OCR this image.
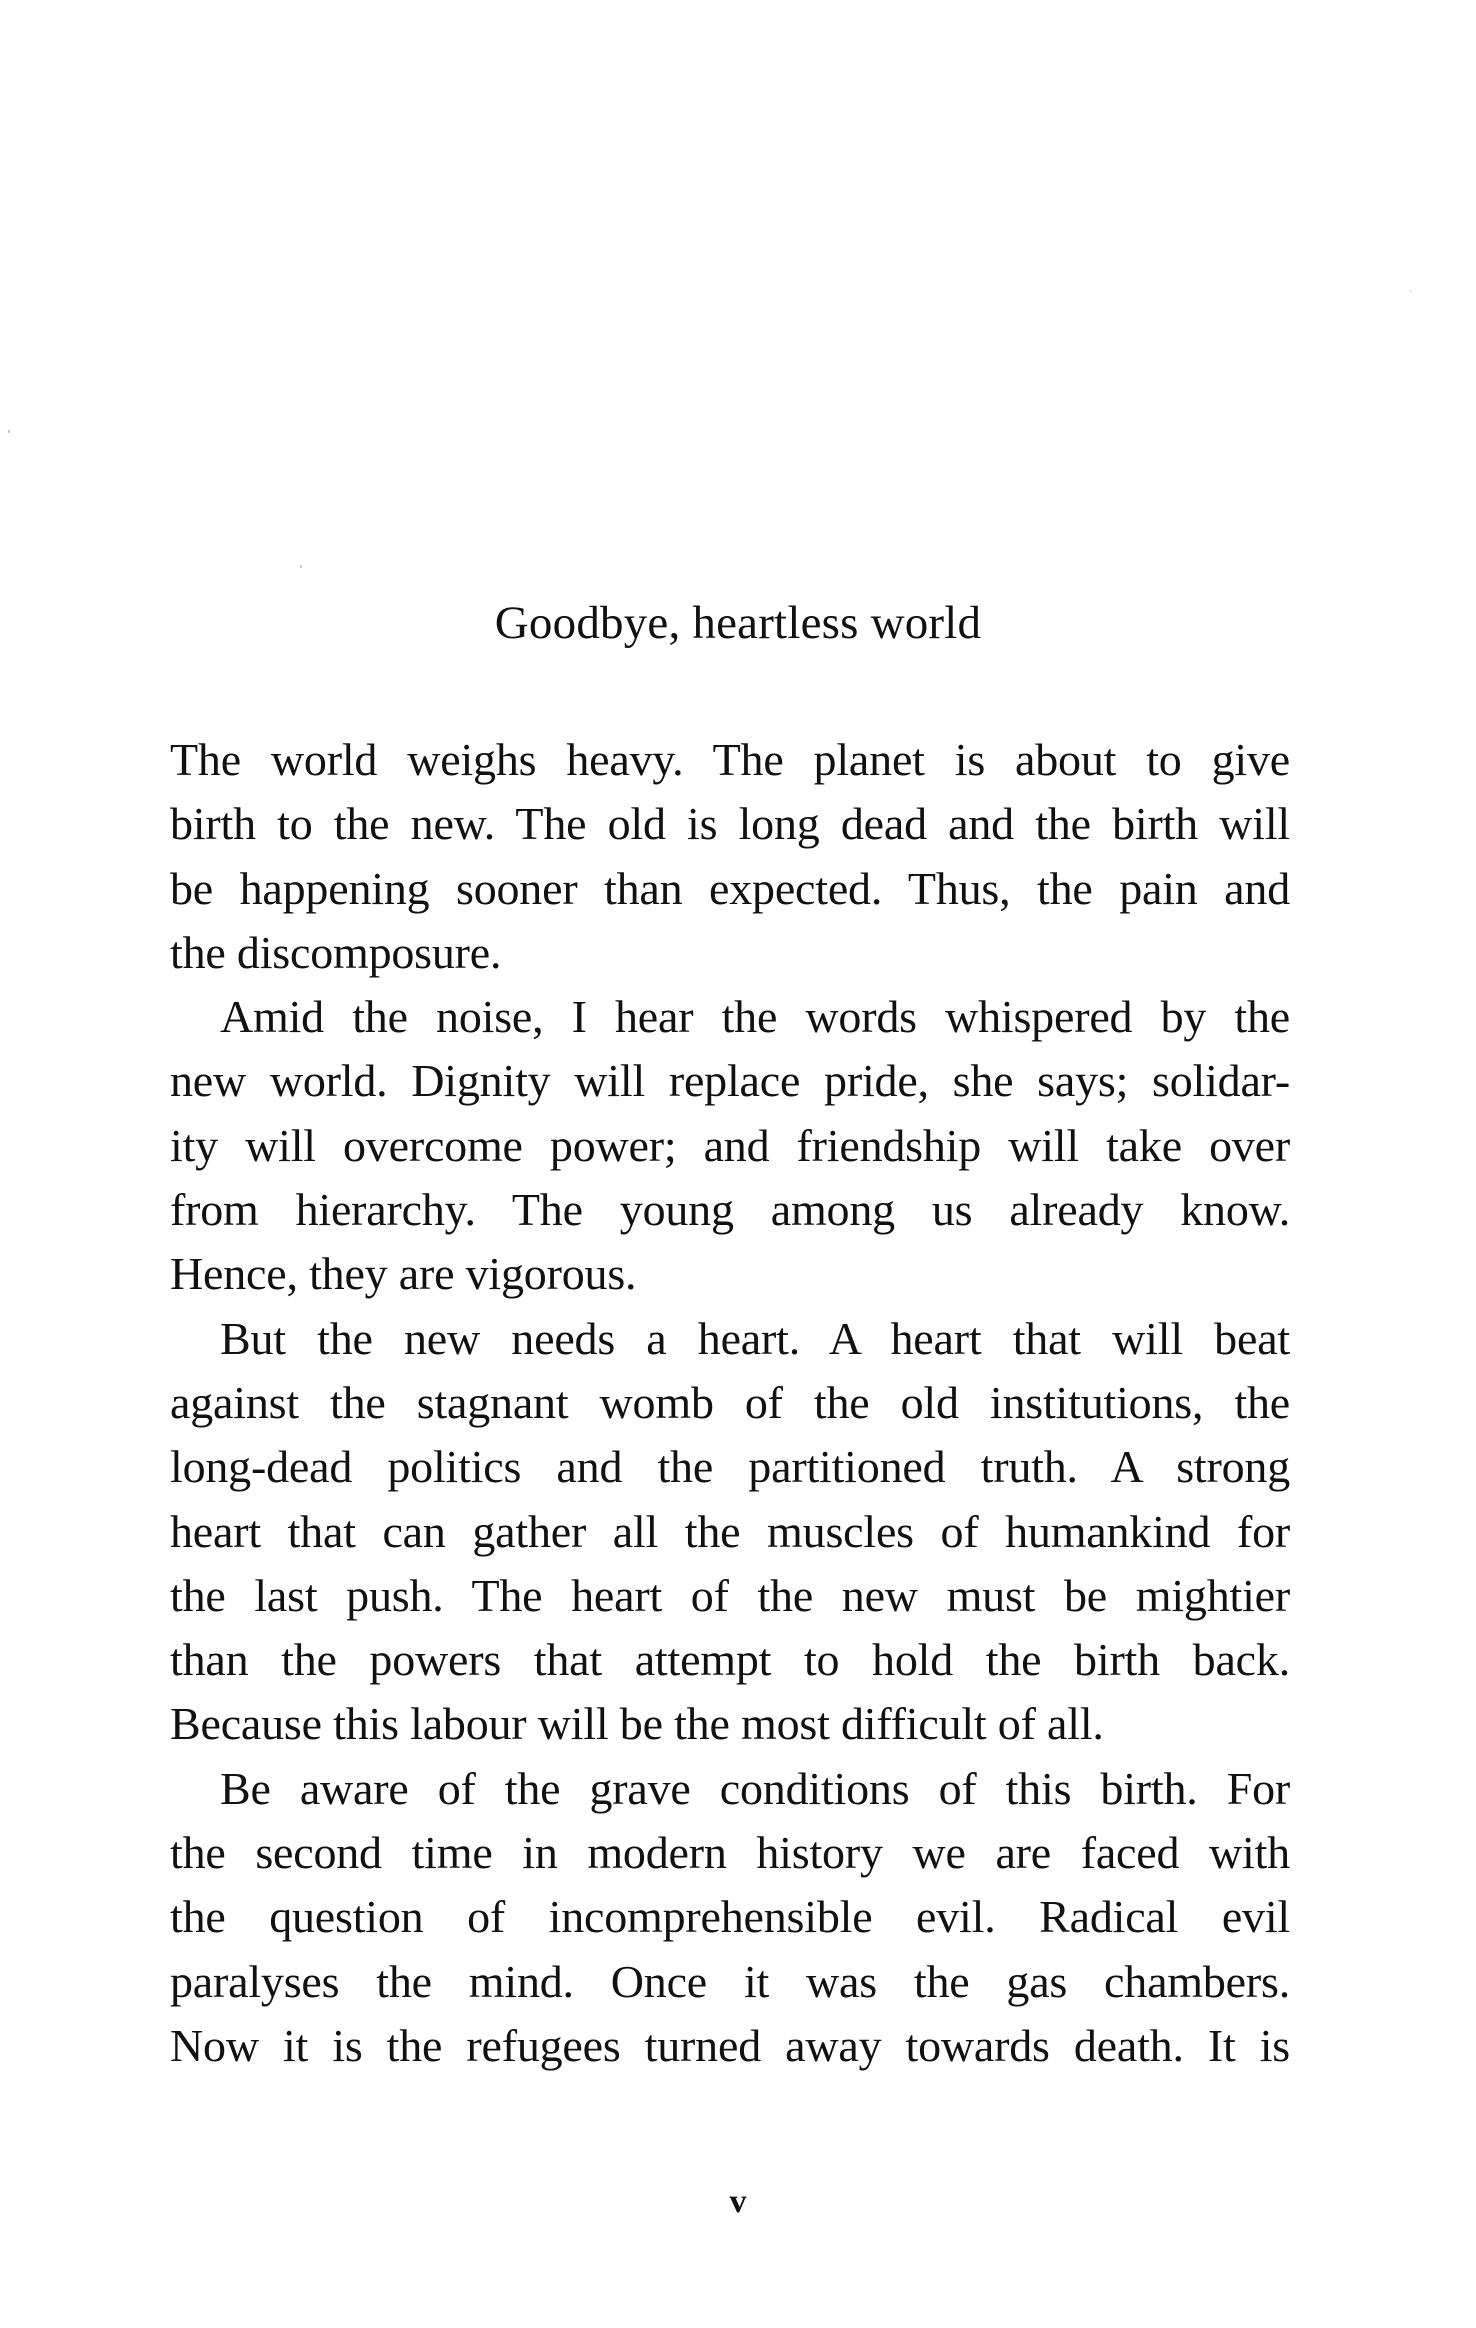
Goodbye, heartless world
The world weighs heavy. The planet is about to give
birth to the new. The old is long dead and the birth will
be happening sooner than expected. Thus, the pain and
the discomposure.
Amid the noise, I hear the words whispered by the
new world. Dignity will replace pride, she says; solidar-
ity will overcome power; and friendship will take over
from hierarchy. The young among us already know.
Hence, they are vigorous.
But the new needs a heart. A heart that will beat
against the stagnant womb of the old institutions, the
long-dead politics and the partitioned truth. A strong
heart that can gather all the muscles of humankind for
the last push. The heart of the new must be mightier
than the powers that attempt to hold the birth back.
Because this labour will be the most difficult of all.
Be aware of the grave conditions of this birth. For
the second time in modern history we are faced with
the question of incomprehensible evil. Radical evil
paralyses the mind. Once it was the gas chambers.
Now it is the refugees turned away towards death. It is
v
